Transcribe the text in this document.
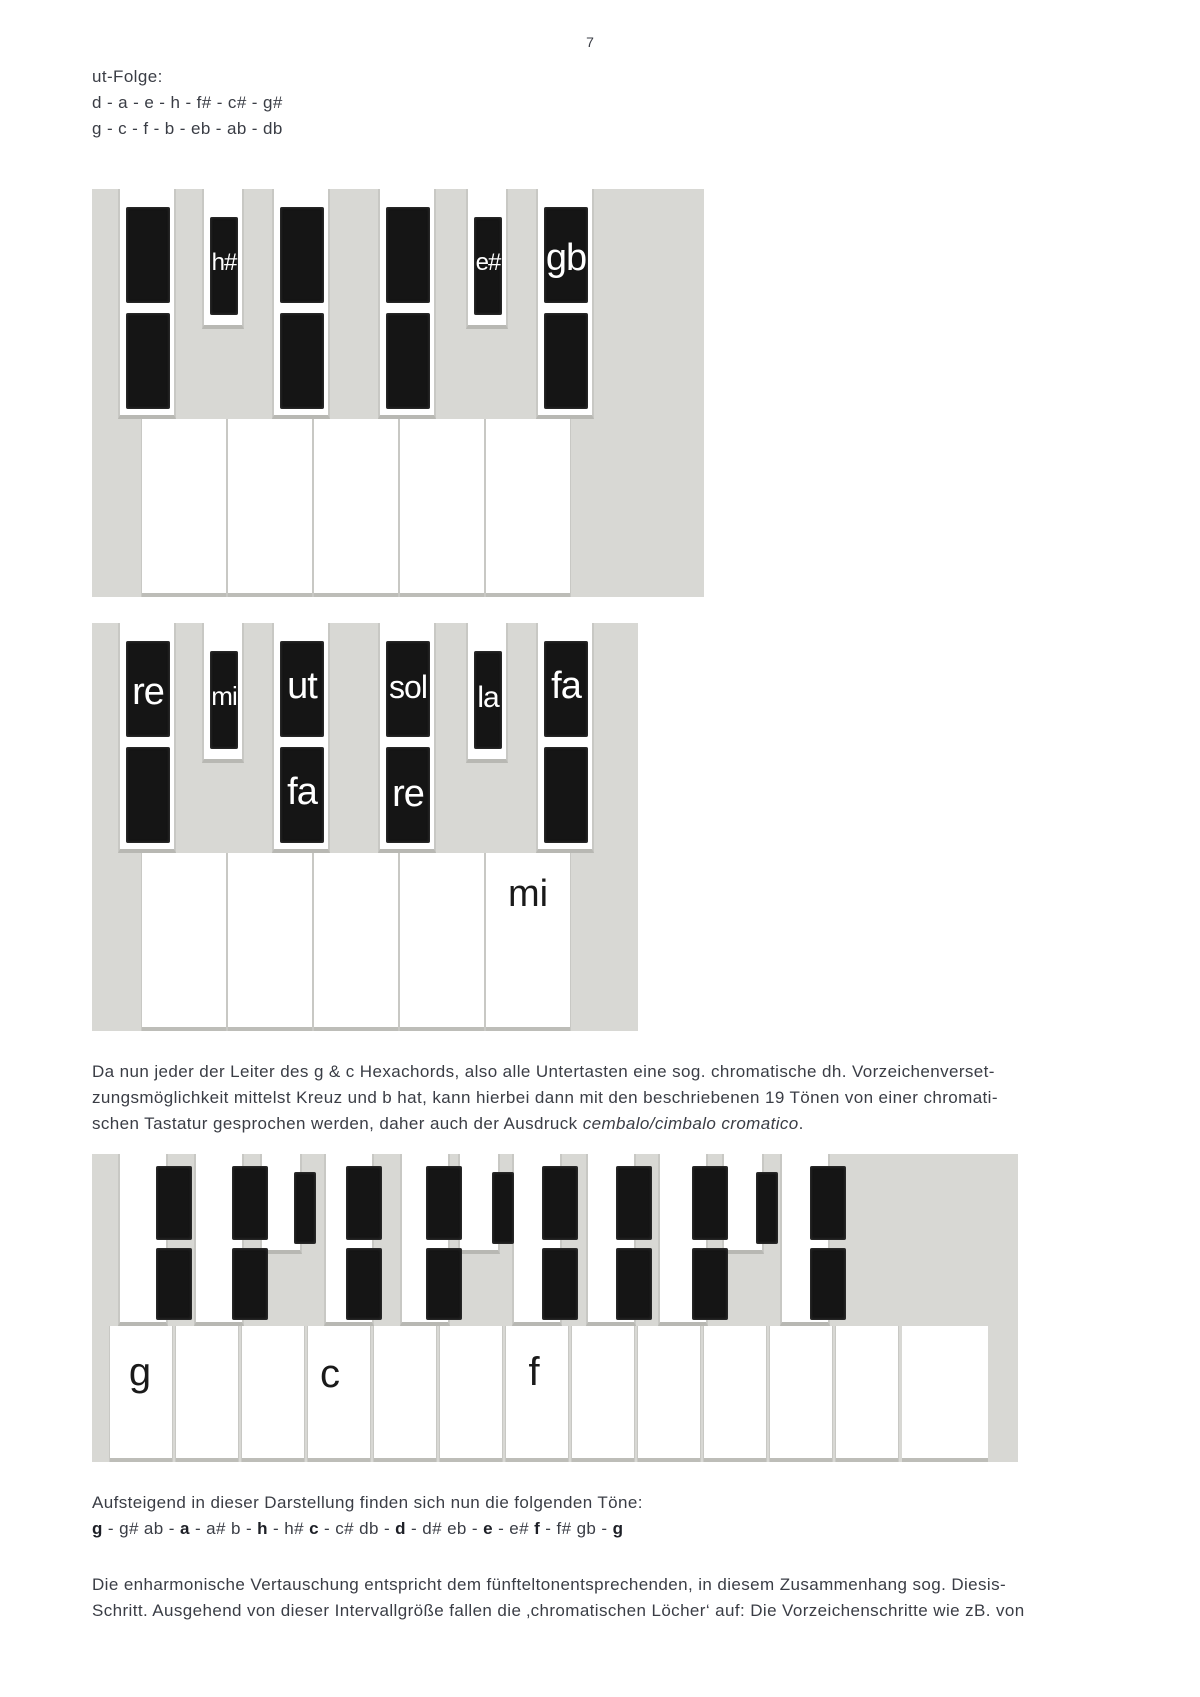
7

ut-Folge:

d - a - e - h - f# - c# - g#

g - c - f - b - eb - ab - db

h#	e# gb
re	mi ut sol	la fa
fa re
mi

Da nun jeder der Leiter des g & c Hexachords, also alle Untertasten eine sog. chromatische dh. Vorzeichenverset-

zungsmöglichkeit mittelst Kreuz und b hat, kann hierbei dann mit den beschriebenen 19 Tönen von einer chromati-

schen Tastatur gesprochen werden, daher auch der Ausdruck cembalo/cimbalo cromatico.

g	c	f

Aufsteigend in dieser Darstellung finden sich nun die folgenden Töne:

g - g# ab - a - a# b - h - h# c - c# db - d - d# eb - e - e# f - f# gb - g

Die enharmonische Vertauschung entspricht dem fünfteltonentsprechenden, in diesem Zusammenhang sog. Diesis-

Schritt. Ausgehend von dieser Intervallgröße fallen die ‚chromatischen Löcher‘ auf: Die Vorzeichenschritte wie zB. von
